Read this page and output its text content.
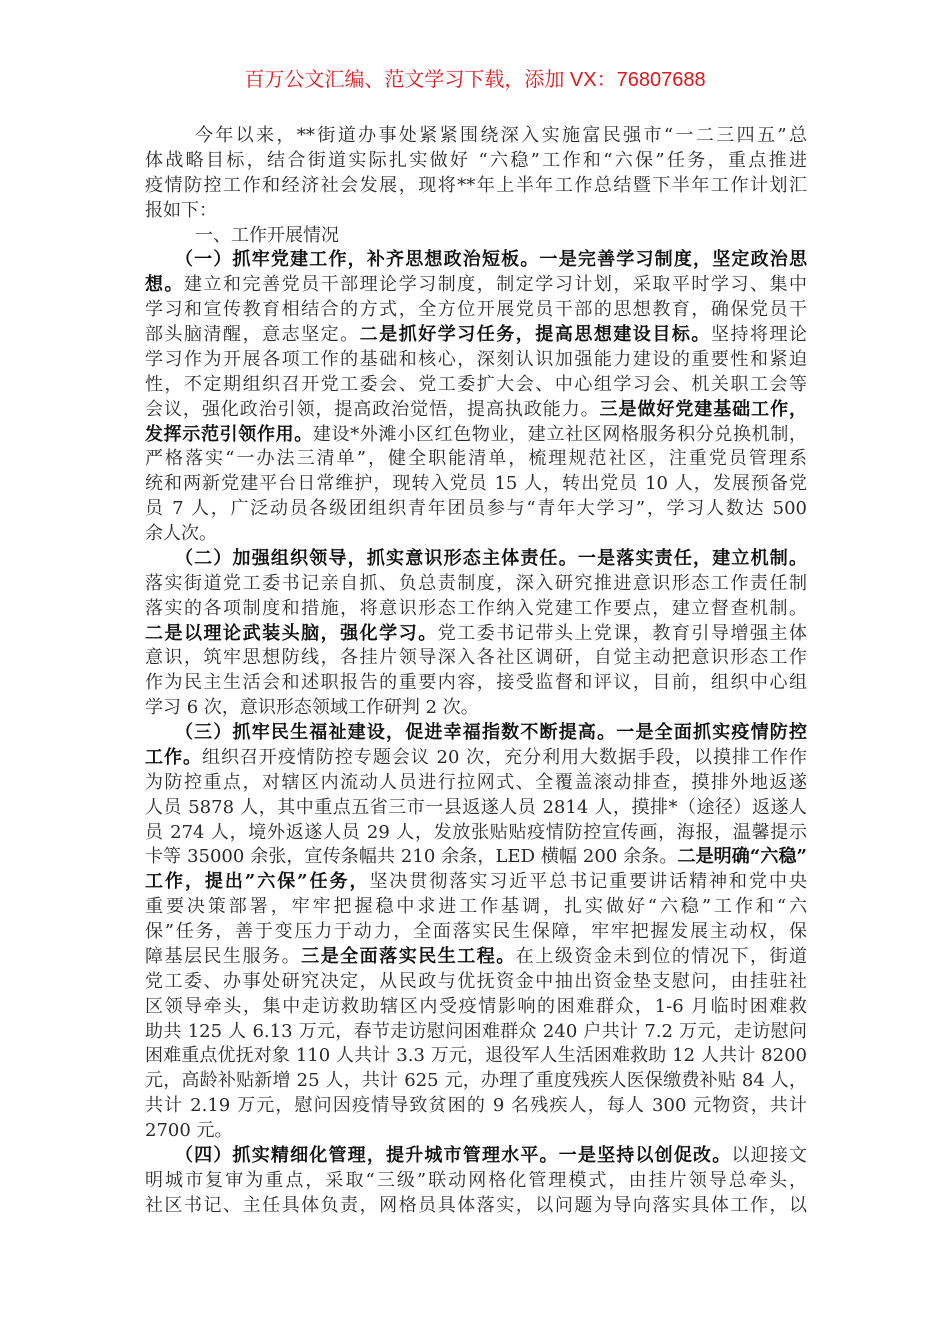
百万公文汇编、范文学习下载，添加 VX：76807688
今年以来，**街道办事处紧紧围绕深入实施富民强市“一二三四五”总
体战略目标，结合街道实际扎实做好 “六稳”工作和“六保”任务，重点推进
疫情防控工作和经济社会发展，现将**年上半年工作总结暨下半年工作计划汇
报如下：
一、工作开展情况
（一）抓牢党建工作，补齐思想政治短板。一是完善学习制度，坚定政治思
想。建立和完善党员干部理论学习制度，制定学习计划，采取平时学习、集中
学习和宣传教育相结合的方式，全方位开展党员干部的思想教育，确保党员干
部头脑清醒，意志坚定。二是抓好学习任务，提高思想建设目标。坚持将理论
学习作为开展各项工作的基础和核心，深刻认识加强能力建设的重要性和紧迫
性，不定期组织召开党工委会、党工委扩大会、中心组学习会、机关职工会等
会议，强化政治引领，提高政治觉悟，提高执政能力。三是做好党建基础工作，
发挥示范引领作用。建设*外滩小区红色物业，建立社区网格服务积分兑换机制，
严格落实“一办法三清单”，健全职能清单，梳理规范社区，注重党员管理系
统和两新党建平台日常维护，现转入党员 15 人，转出党员 10 人，发展预备党
员 7 人，广泛动员各级团组织青年团员参与“青年大学习”，学习人数达 500
余人次。
（二）加强组织领导，抓实意识形态主体责任。一是落实责任，建立机制。
落实街道党工委书记亲自抓、负总责制度，深入研究推进意识形态工作责任制
落实的各项制度和措施，将意识形态工作纳入党建工作要点，建立督查机制。
二是以理论武装头脑，强化学习。党工委书记带头上党课，教育引导增强主体
意识，筑牢思想防线，各挂片领导深入各社区调研，自觉主动把意识形态工作
作为民主生活会和述职报告的重要内容，接受监督和评议，目前，组织中心组
学习 6 次，意识形态领域工作研判 2 次。
（三）抓牢民生福祉建设，促进幸福指数不断提高。一是全面抓实疫情防控
工作。组织召开疫情防控专题会议 20 次，充分利用大数据手段，以摸排工作作
为防控重点，对辖区内流动人员进行拉网式、全覆盖滚动排查，摸排外地返遂
人员 5878 人，其中重点五省三市一县返遂人员 2814 人，摸排*（途径）返遂人
员 274 人，境外返遂人员 29 人，发放张贴贴疫情防控宣传画，海报，温馨提示
卡等 35000 余张，宣传条幅共 210 余条，LED 横幅 200 余条。二是明确“六稳”
工作，提出”六保”任务，坚决贯彻落实习近平总书记重要讲话精神和党中央
重要决策部署，牢牢把握稳中求进工作基调，扎实做好“六稳”工作和“六
保”任务，善于变压力于动力，全面落实民生保障，牢牢把握发展主动权，保
障基层民生服务。三是全面落实民生工程。在上级资金未到位的情况下，街道
党工委、办事处研究决定，从民政与优抚资金中抽出资金垫支慰问，由挂驻社
区领导牵头，集中走访救助辖区内受疫情影响的困难群众，1-6 月临时困难救
助共 125 人 6.13 万元，春节走访慰问困难群众 240 户共计 7.2 万元，走访慰问
困难重点优抚对象 110 人共计 3.3 万元，退役军人生活困难救助 12 人共计 8200
元，高龄补贴新增 25 人，共计 625 元，办理了重度残疾人医保缴费补贴 84 人，
共计 2.19 万元，慰问因疫情导致贫困的 9 名残疾人，每人 300 元物资，共计
2700 元。
（四）抓实精细化管理，提升城市管理水平。一是坚持以创促改。以迎接文
明城市复审为重点，采取“三级”联动网格化管理模式，由挂片领导总牵头，
社区书记、主任具体负责，网格员具体落实，以问题为导向落实具体工作，以
